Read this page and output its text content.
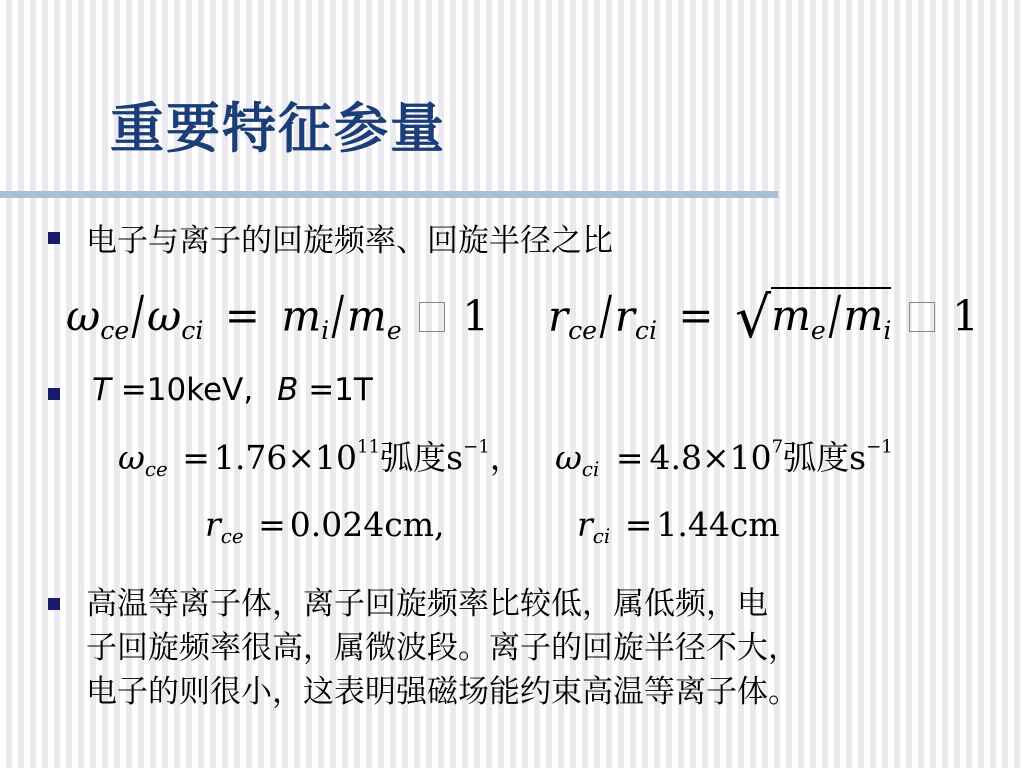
重要特征参量
电子与离子的回旋频率、回旋半径之比
$\omega_{ce}/\omega_{ci} = m_i/m_e$ 1 $r_{ce}/r_{ci} = √m_e/m_i$ 1
T =10keV, B =1T
$\omega_{ce} = 1.76\times 10^{11}$弧度$s^{-1}$， $\omega_{ci} = 4.8\times 10^7$弧度$s^{-1}$
$r_{ce} = 0.024cm$,	$r_{ci} = 1.44cm$
高温等离子体，离子回旋频率比较低，属低频，电
子回旋频率很高，属微波段。离子的回旋半径不大，
电子的则很小，这表明强磁场能约束高温等离子体。
